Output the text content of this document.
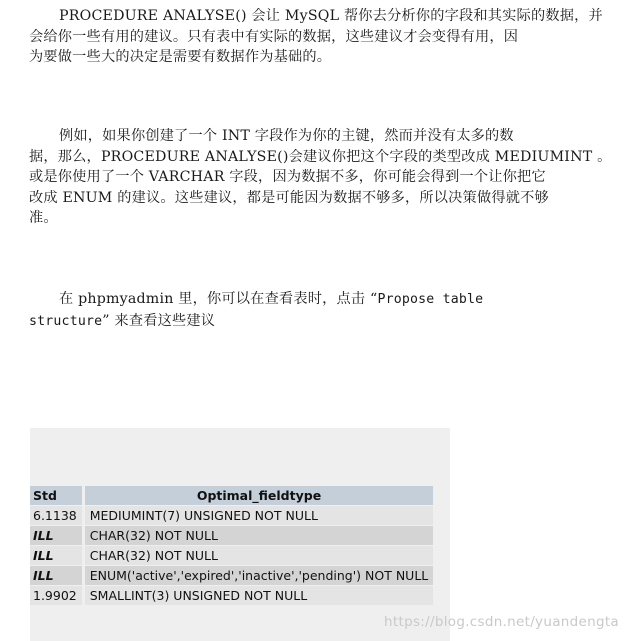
PROCEDURE ANALYSE() 会让 MySQL 帮你去分析你的字段和其实际的数据，并
会给你一些有用的建议。只有表中有实际的数据，这些建议才会变得有用，因
为要做一些大的决定是需要有数据作为基础的。
例如，如果你创建了一个 INT 字段作为你的主键，然而并没有太多的数
据，那么，PROCEDURE ANALYSE()会建议你把这个字段的类型改成 MEDIUMINT 。
或是你使用了一个 VARCHAR 字段，因为数据不多，你可能会得到一个让你把它
改成 ENUM 的建议。这些建议，都是可能因为数据不够多，所以决策做得就不够
准。
在 phpmyadmin 里，你可以在查看表时，点击 “Propose table
structure” 来查看这些建议
Std	Optimal_fieldtype
6.1138	MEDIUMINT(7) UNSIGNED NOT NULL
ILL	CHAR(32) NOT NULL
ILL	CHAR(32) NOT NULL
ILL	ENUM('active','expired','inactive','pending') NOT NULL
1.9902	SMALLINT(3) UNSIGNED NOT NULL
https://blog.csdn.net/yuandengta
